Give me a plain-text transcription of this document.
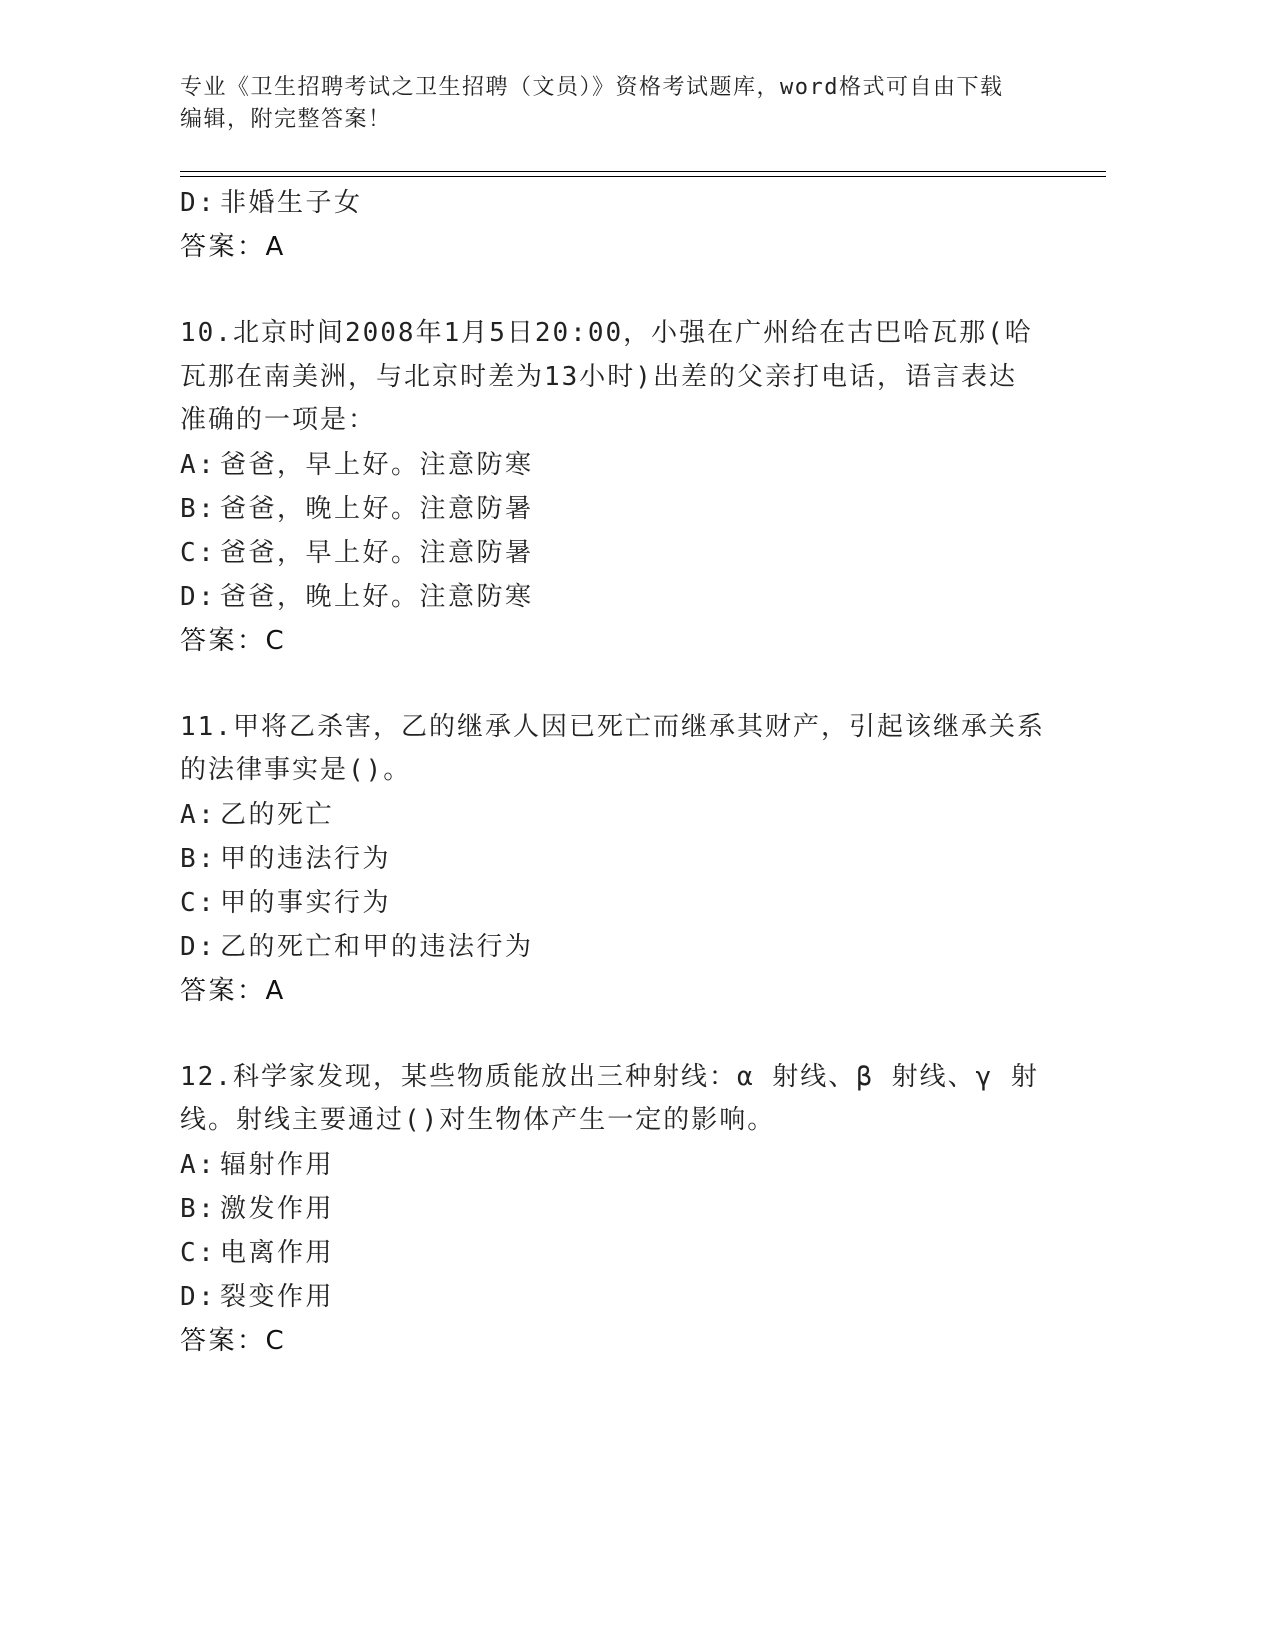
专业《卫生招聘考试之卫生招聘（文员）》资格考试题库，word格式可自由下载
编辑，附完整答案！
D: 非婚生子女
答案：A
10.北京时间2008年1月5日20:00，小强在广州给在古巴哈瓦那(哈
瓦那在南美洲，与北京时差为13小时)出差的父亲打电话，语言表达
准确的一项是：
A: 爸爸，早上好。注意防寒
B: 爸爸，晚上好。注意防暑
C: 爸爸，早上好。注意防暑
D: 爸爸，晚上好。注意防寒
答案：C
11.甲将乙杀害，乙的继承人因已死亡而继承其财产，引起该继承关系
的法律事实是()。
A: 乙的死亡
B: 甲的违法行为
C: 甲的事实行为
D: 乙的死亡和甲的违法行为
答案：A
12.科学家发现，某些物质能放出三种射线：α 射线、β 射线、γ 射
线。射线主要通过()对生物体产生一定的影响。
A: 辐射作用
B: 激发作用
C: 电离作用
D: 裂变作用
答案：C
